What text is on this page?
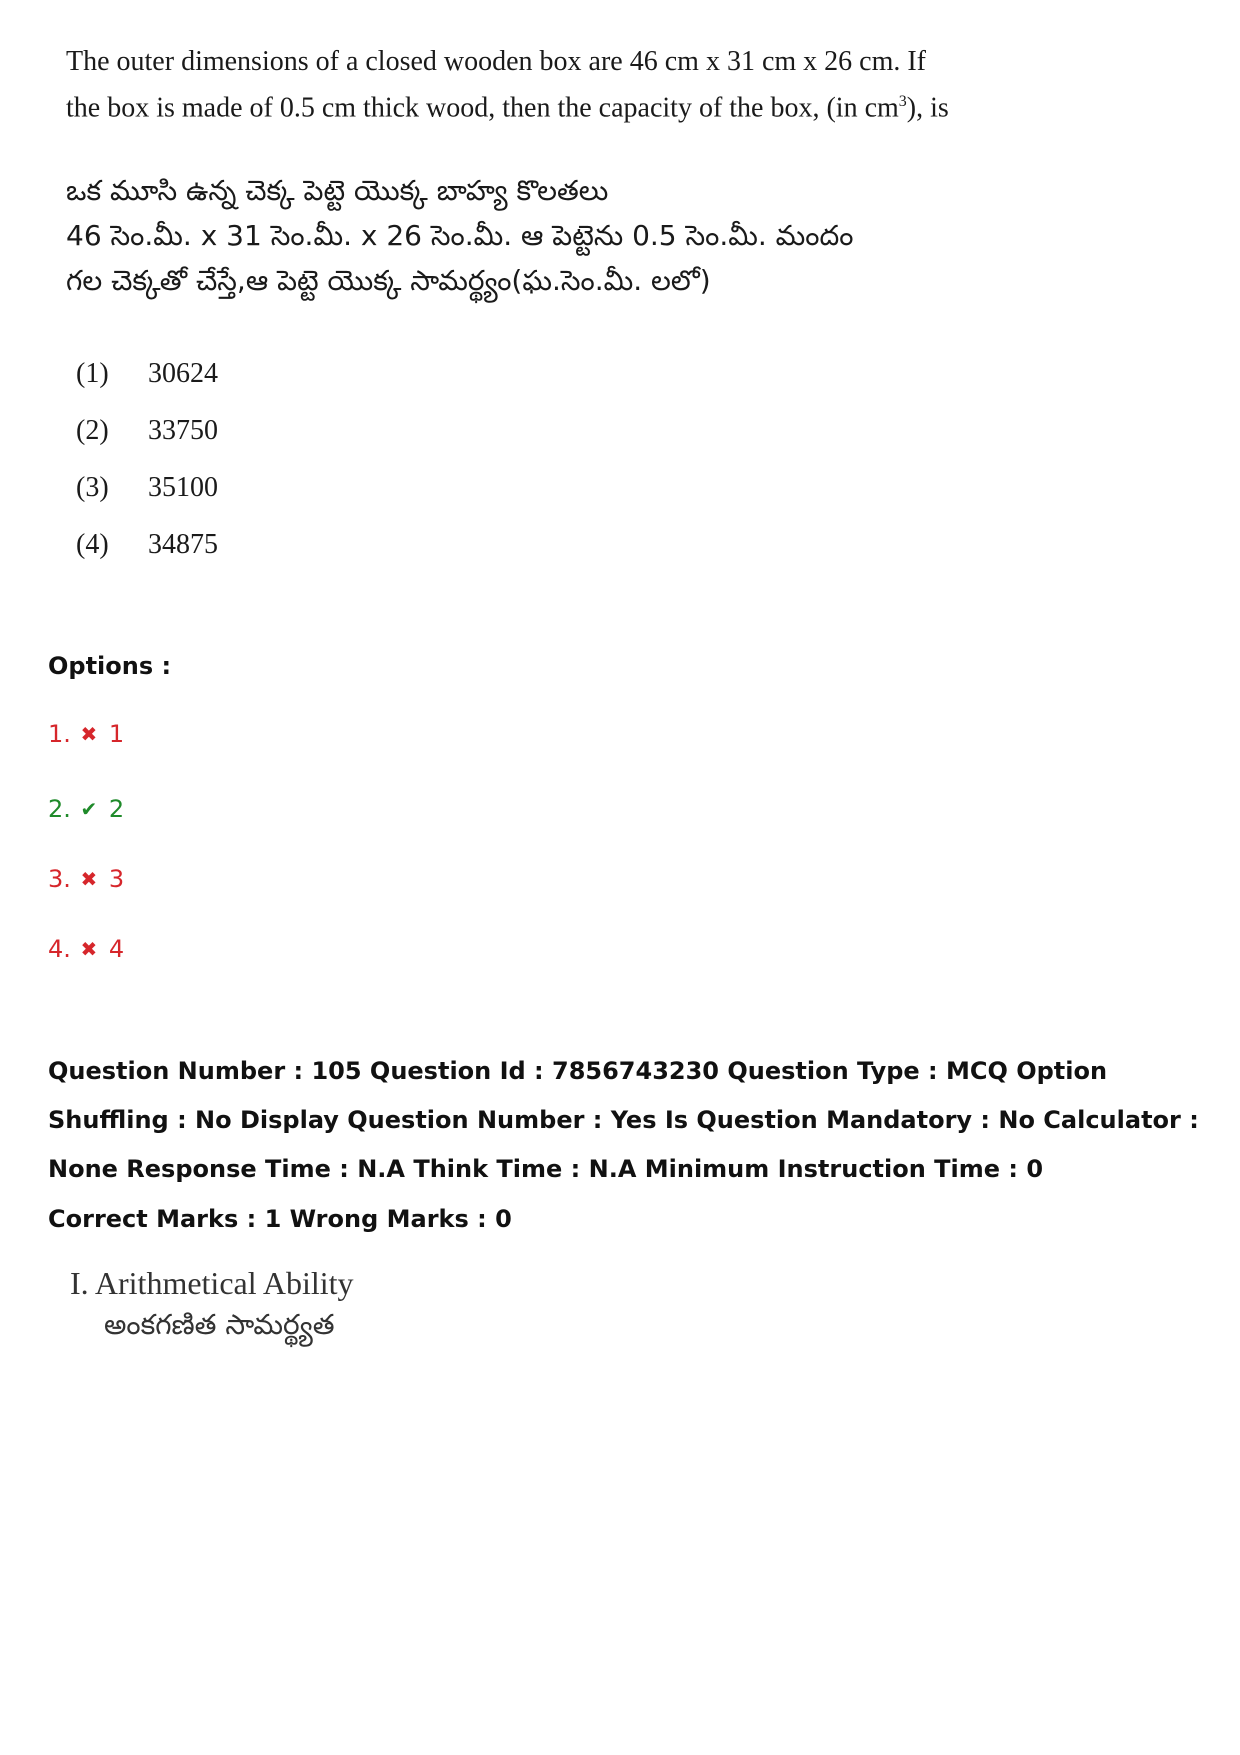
The outer dimensions of a closed wooden box are 46 cm x 31 cm x 26 cm. If
the box is made of 0.5 cm thick wood, then the capacity of the box, (in $cm^3$), is

ఒక మూసి ఉన్న చెక్క పెట్టె యొక్క బాహ్య కొలతలు
46 సెం.మీ. x 31 సెం.మీ. x 26 సెం.మీ. ఆ పెట్టెను 0.5 సెం.మీ. మందం
గల చెక్కతో చేస్తే,ఆ పెట్టె యొక్క సామర్థ్యం(ఘ.సెం.మీ. లలో)

(1)	30624
(2)	33750
(3)	35100
(4)	34875
Options :
1. ✖ 1
2. ✔ 2
3. ✖ 3
4. ✖ 4

Question Number : 105 Question Id : 7856743230 Question Type : MCQ Option Shuffling : No Display Question Number : Yes Is Question Mandatory : No Calculator : None Response Time : N.A Think Time : N.A Minimum Instruction Time : 0

Correct Marks : 1 Wrong Marks : 0
I. Arithmetical Ability
అంకగణిత సామర్థ్యత
